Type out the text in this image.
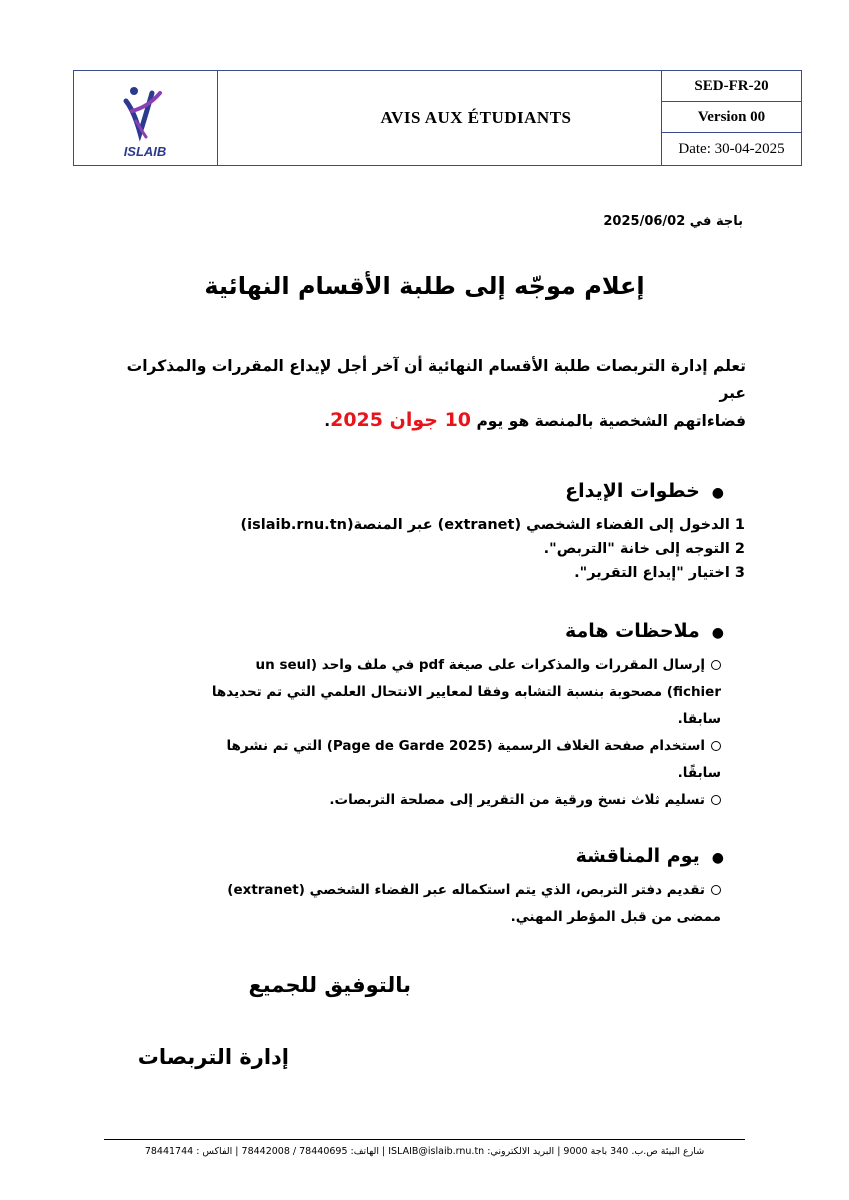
ISLAIB
AVIS AUX ÉTUDIANTS
SED-FR-20
Version 00
Date: 30-04-2025
باجة في 2025/06/02
إعلام موجّه إلى طلبة الأقسام النهائية
تعلم إدارة التربصات طلبة الأقسام النهائية أن آخر أجل لإيداع المقررات والمذكرات عبر
فضاءاتهم الشخصية بالمنصة هو يوم 10 جوان 2025.
●خطوات الإيداع
1 الدخول إلى الفضاء الشخصي (extranet) عبر المنصة(islaib.rnu.tn)
2 التوجه إلى خانة "التربص".
3 اختيار "إيداع التقرير".
●ملاحظات هامة
إرسال المقررات والمذكرات على صيغة pdf في ملف واحد (un seul
fichier) مصحوبة بنسبة التشابه وفقا لمعايير الانتحال العلمي التي تم تحديدها
سابقا.
استخدام صفحة الغلاف الرسمية (Page de Garde 2025) التي تم نشرها
سابقًا.
تسليم ثلاث نسخ ورقية من التقرير إلى مصلحة التربصات.
●يوم المناقشة
تقديم دفتر التربص، الذي يتم استكماله عبر الفضاء الشخصي (extranet)
ممضى من قبل المؤطر المهني.
بالتوفيق للجميع
إدارة التربصات
شارع البيئة ص.ب. 340 باجة 9000 | البريد الالكتروني: ISLAIB@islaib.rnu.tn | الهاتف: 78440695 / 78442008 | الفاكس : 78441744
